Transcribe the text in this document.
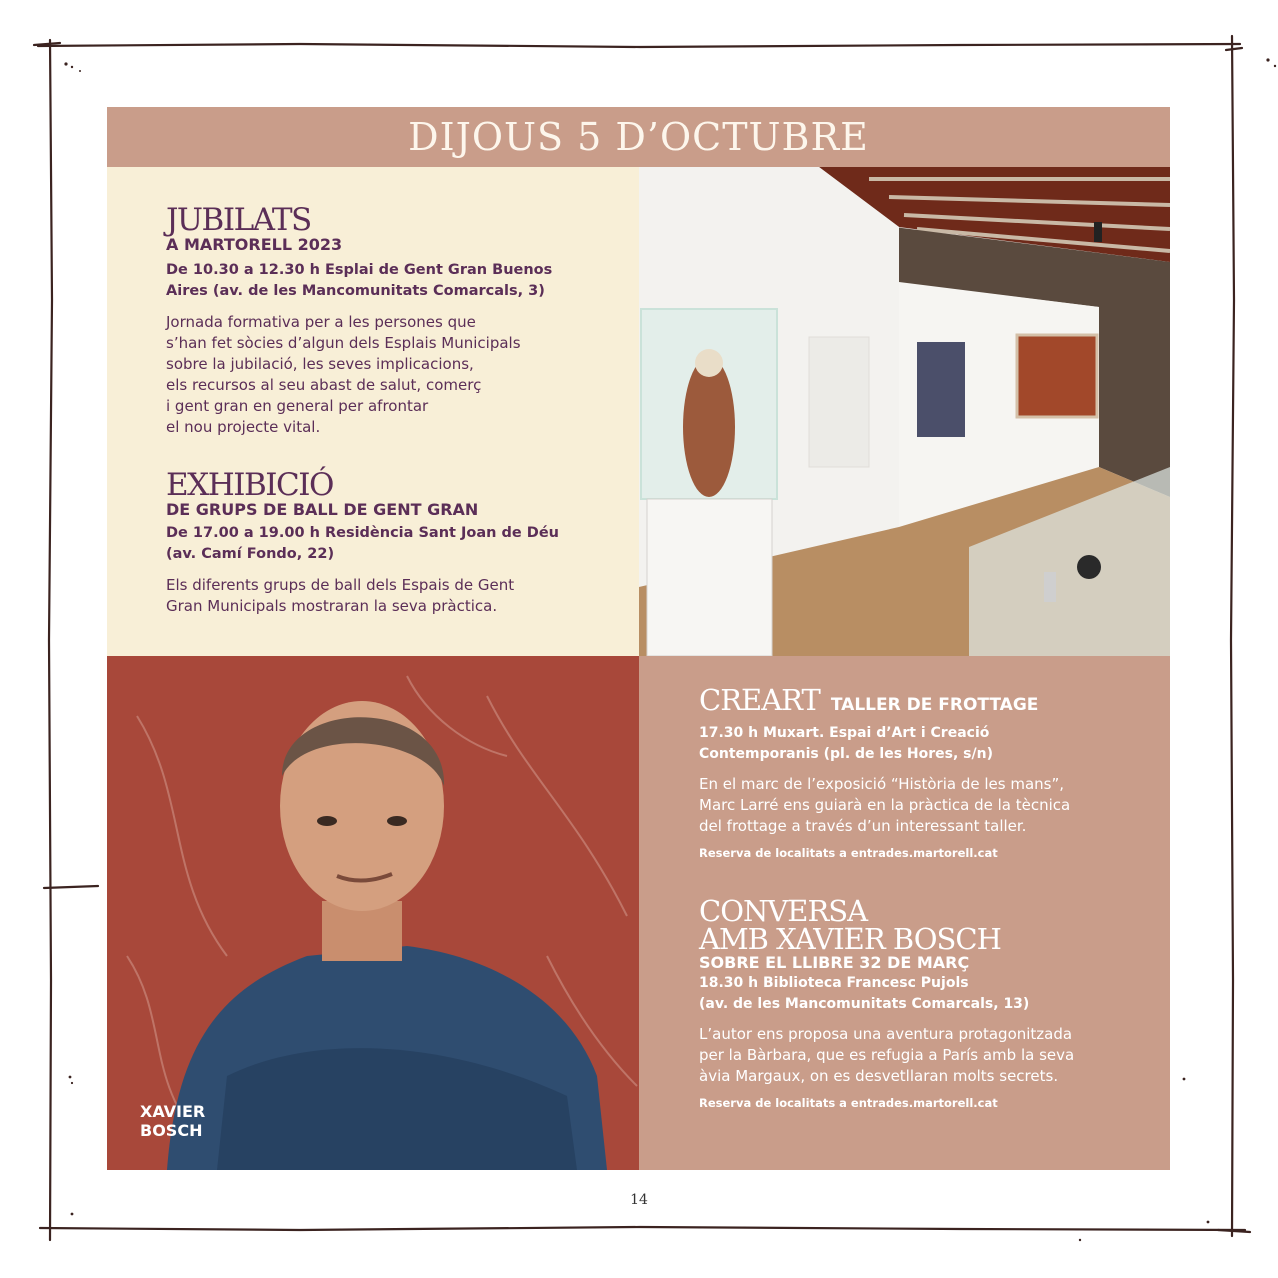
DIJOUS 5 D’OCTUBRE
JUBILATS
A MARTORELL 2023
De 10.30 a 12.30 h Esplai de Gent Gran Buenos
Aires (av. de les Mancomunitats Comarcals, 3)
Jornada formativa per a les persones que
s’han fet sòcies d’algun dels Esplais Municipals
sobre la jubilació, les seves implicacions,
els recursos al seu abast de salut, comerç
i gent gran en general per afrontar
el nou projecte vital.
EXHIBICIÓ
DE GRUPS DE BALL DE GENT GRAN
De 17.00 a 19.00 h Residència Sant Joan de Déu
(av. Camí Fondo, 22)
Els diferents grups de ball dels Espais de Gent
Gran Municipals mostraran la seva pràctica.
XAVIER
BOSCH
CREART TALLER DE FROTTAGE
17.30 h Muxart. Espai d’Art i Creació
Contemporanis (pl. de les Hores, s/n)
En el marc de l’exposició “Història de les mans”,
Marc Larré ens guiarà en la pràctica de la tècnica
del frottage a través d’un interessant taller.
Reserva de localitats a entrades.martorell.cat
CONVERSA
AMB XAVIER BOSCH
SOBRE EL LLIBRE 32 DE MARÇ
18.30 h Biblioteca Francesc Pujols
(av. de les Mancomunitats Comarcals, 13)
L’autor ens proposa una aventura protagonitzada
per la Bàrbara, que es refugia a París amb la seva
àvia Margaux, on es desvetllaran molts secrets.
Reserva de localitats a entrades.martorell.cat
14
